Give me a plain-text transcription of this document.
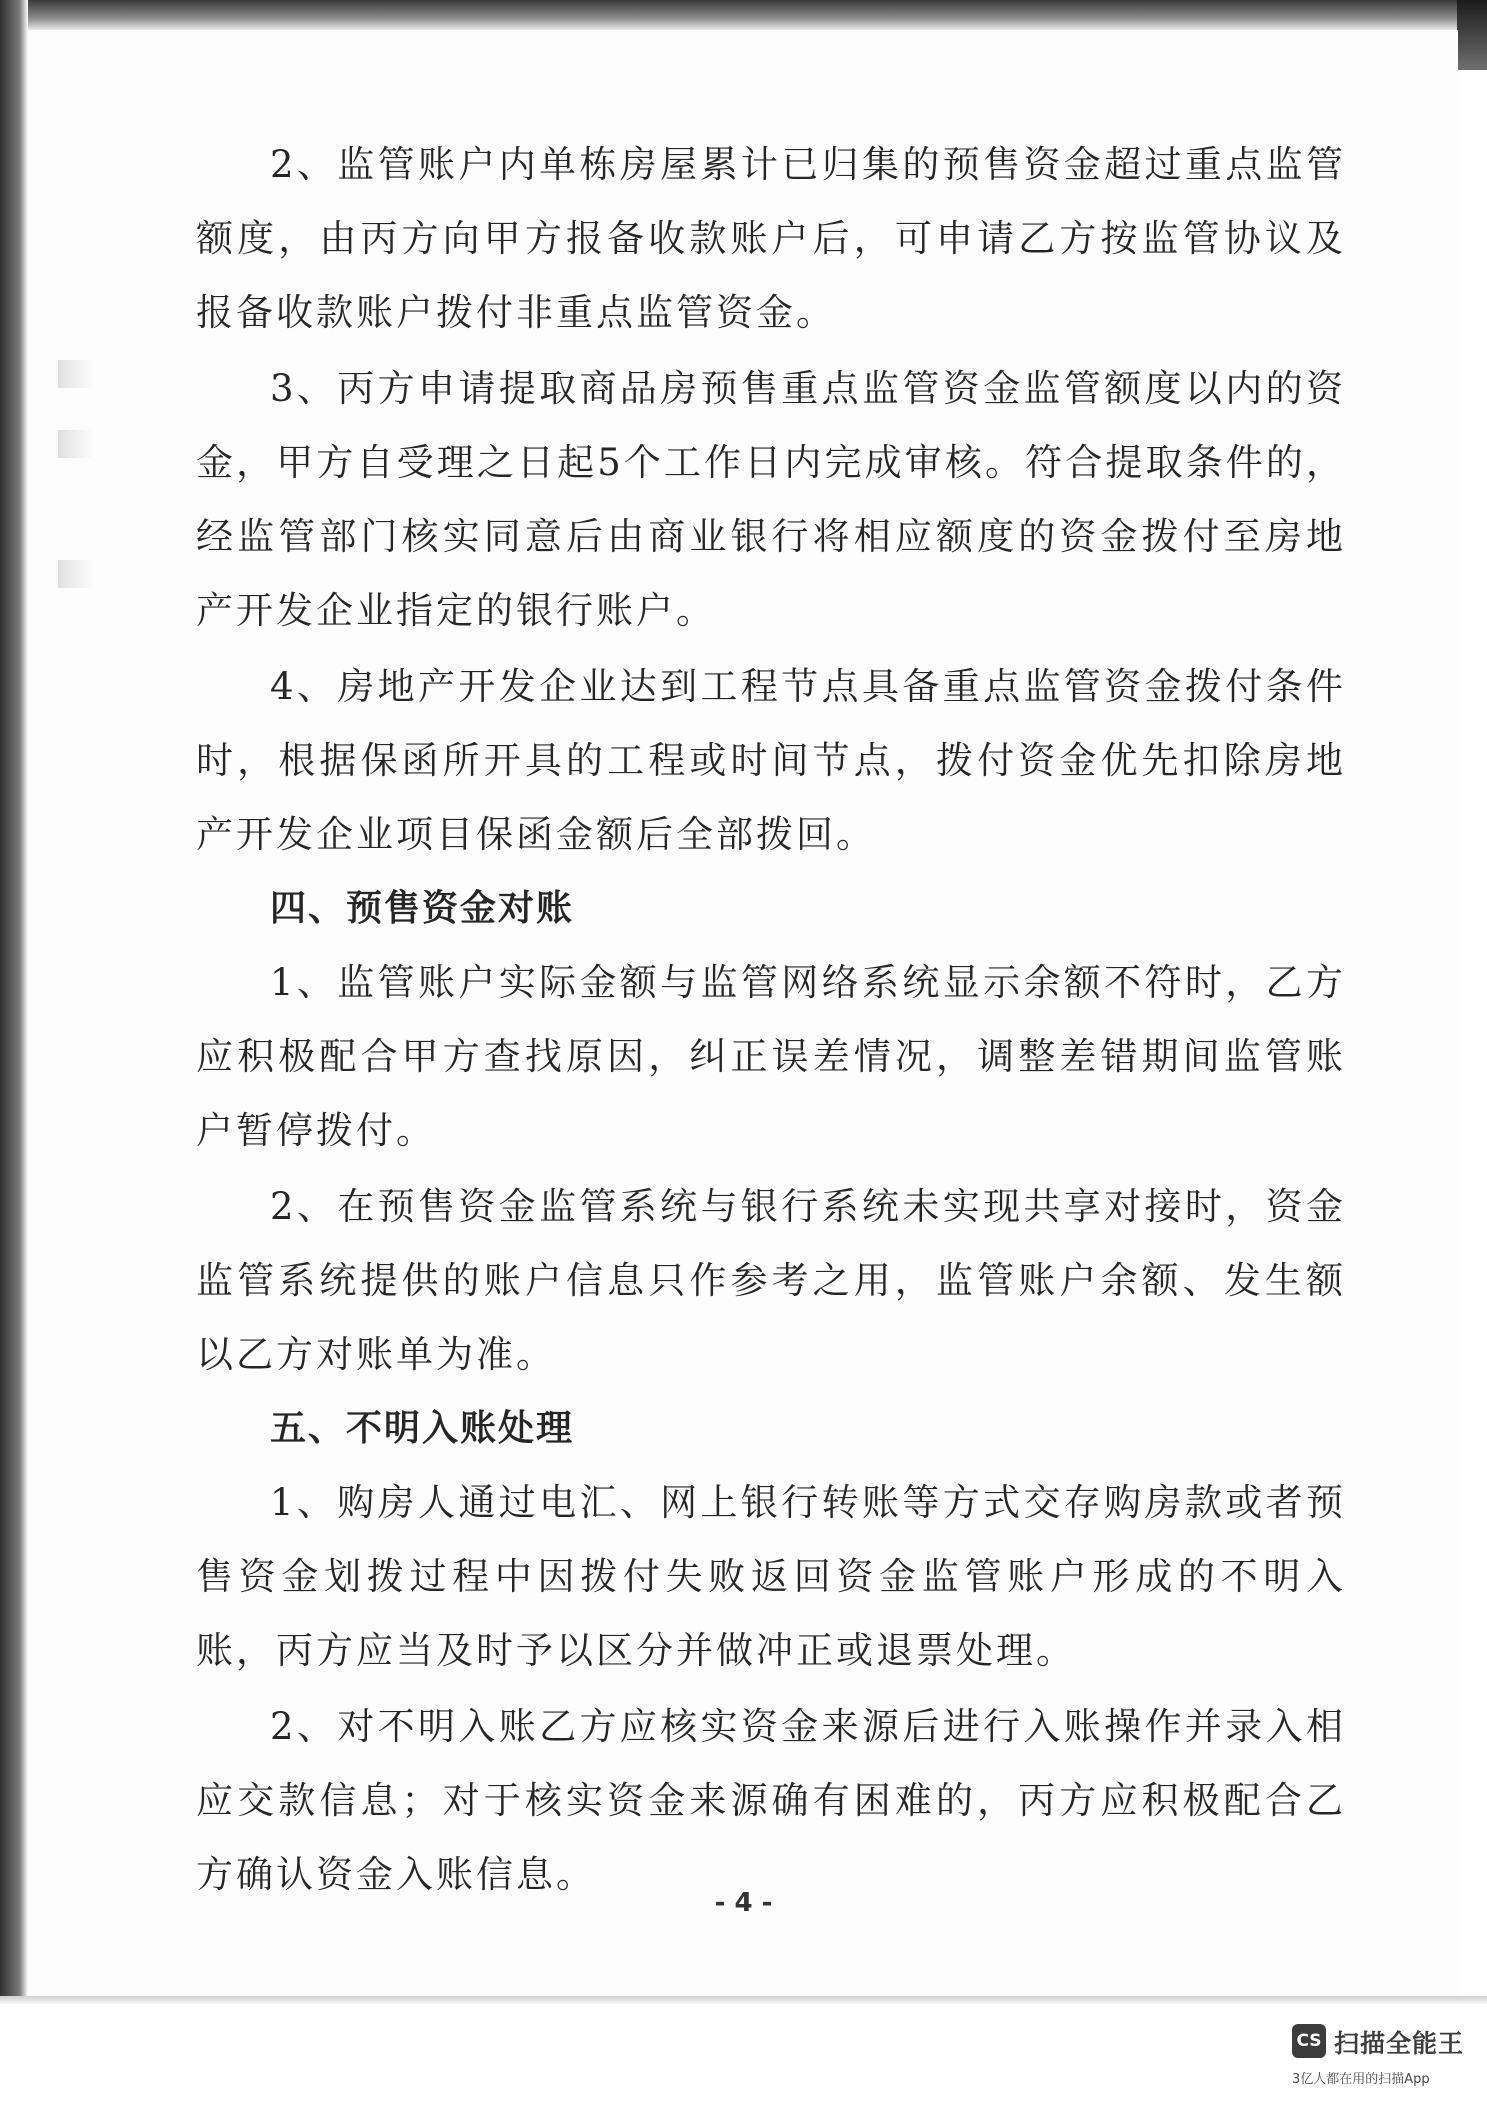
2、监管账户内单栋房屋累计已归集的预售资金超过重点监管额度，由丙方向甲方报备收款账户后，可申请乙方按监管协议及报备收款账户拨付非重点监管资金。

3、丙方申请提取商品房预售重点监管资金监管额度以内的资金，甲方自受理之日起5个工作日内完成审核。符合提取条件的，经监管部门核实同意后由商业银行将相应额度的资金拨付至房地产开发企业指定的银行账户。

4、房地产开发企业达到工程节点具备重点监管资金拨付条件时，根据保函所开具的工程或时间节点，拨付资金优先扣除房地产开发企业项目保函金额后全部拨回。

四、预售资金对账

1、监管账户实际金额与监管网络系统显示余额不符时，乙方应积极配合甲方查找原因，纠正误差情况，调整差错期间监管账户暂停拨付。

2、在预售资金监管系统与银行系统未实现共享对接时，资金监管系统提供的账户信息只作参考之用，监管账户余额、发生额以乙方对账单为准。

五、不明入账处理

1、购房人通过电汇、网上银行转账等方式交存购房款或者预售资金划拨过程中因拨付失败返回资金监管账户形成的不明入账，丙方应当及时予以区分并做冲正或退票处理。

2、对不明入账乙方应核实资金来源后进行入账操作并录入相应交款信息；对于核实资金来源确有困难的，丙方应积极配合乙方确认资金入账信息。

- 4 -
CS 扫描全能王
3亿人都在用的扫描App
